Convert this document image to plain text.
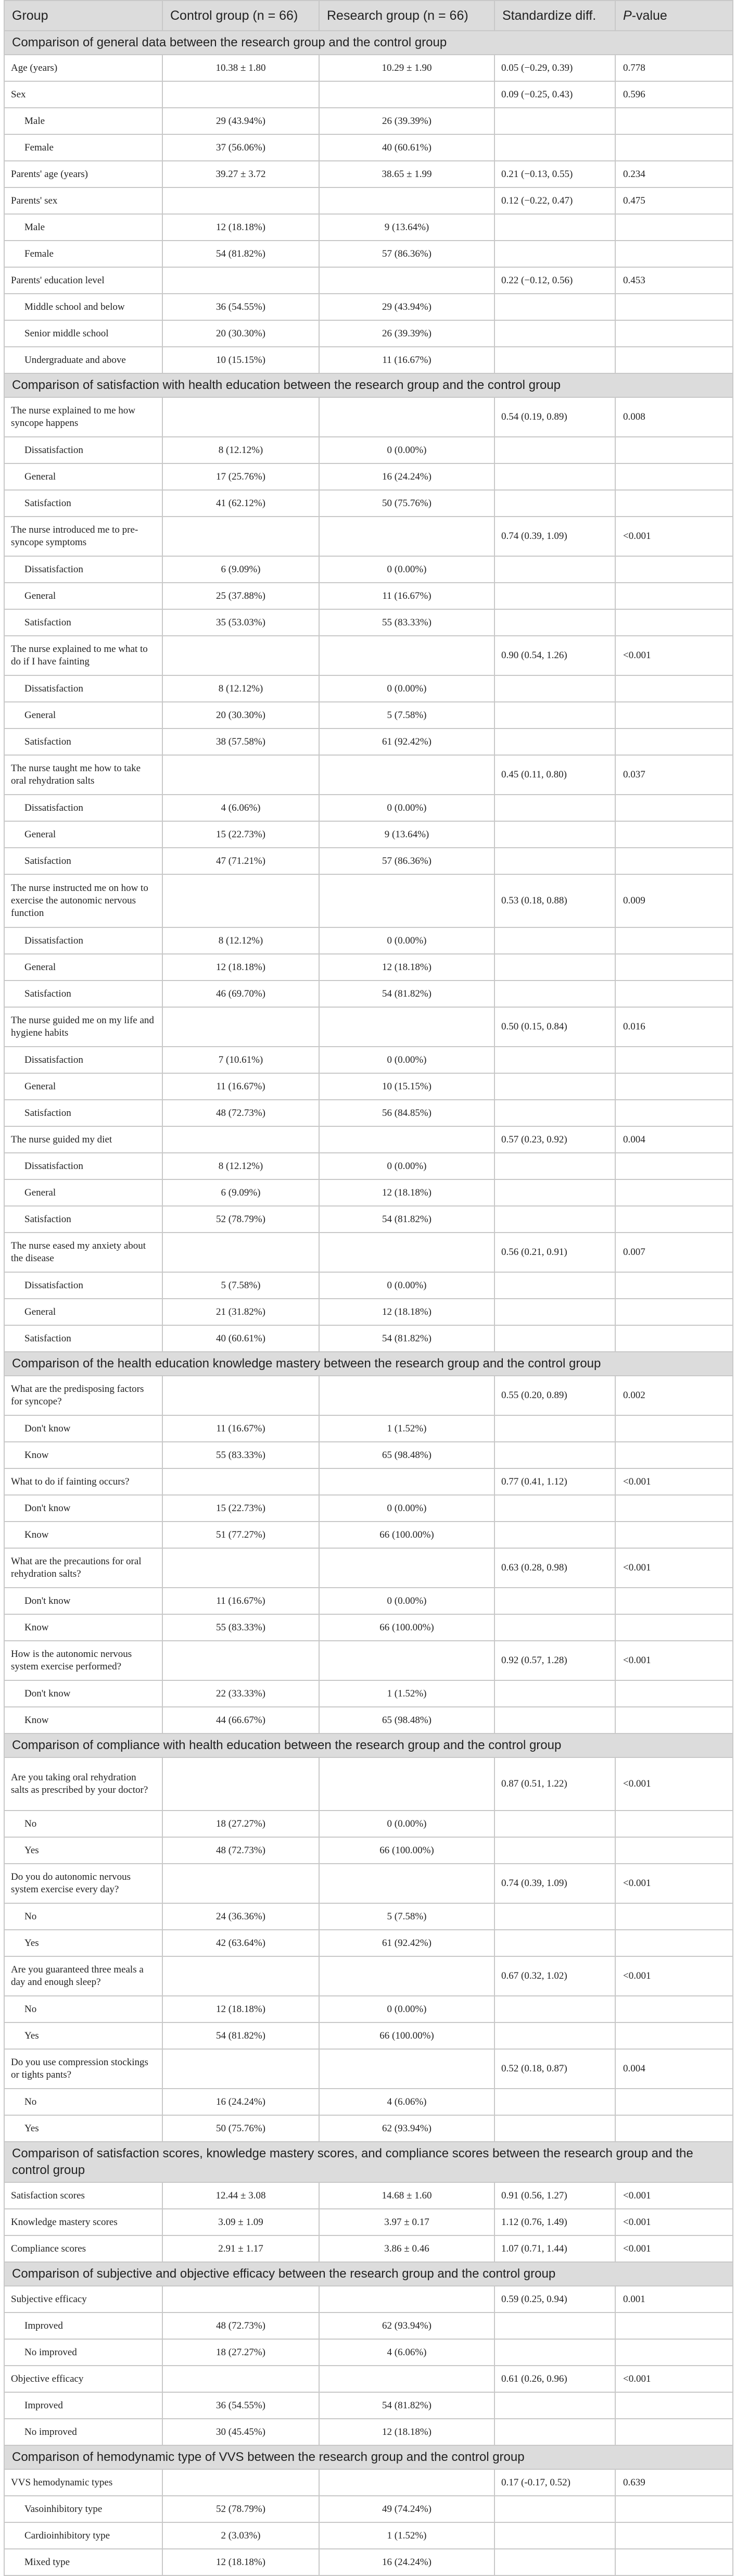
Group	Control group (n = 66)	Research group (n = 66)	Standardize diff.	P-value
Comparison of general data between the research group and the control group				
Age (years)	10.38 ± 1.80	10.29 ± 1.90	0.05 (−0.29, 0.39)	0.778
Sex			0.09 (−0.25, 0.43)	0.596
Male	29 (43.94%)	26 (39.39%)		
Female	37 (56.06%)	40 (60.61%)		
Parents' age (years)	39.27 ± 3.72	38.65 ± 1.99	0.21 (−0.13, 0.55)	0.234
Parents' sex			0.12 (−0.22, 0.47)	0.475
Male	12 (18.18%)	9 (13.64%)		
Female	54 (81.82%)	57 (86.36%)		
Parents' education level			0.22 (−0.12, 0.56)	0.453
Middle school and below	36 (54.55%)	29 (43.94%)		
Senior middle school	20 (30.30%)	26 (39.39%)		
Undergraduate and above	10 (15.15%)	11 (16.67%)		
Comparison of satisfaction with health education between the research group and the control group				
The nurse explained to me how syncope happens			0.54 (0.19, 0.89)	0.008
Dissatisfaction	8 (12.12%)	0 (0.00%)		
General	17 (25.76%)	16 (24.24%)		
Satisfaction	41 (62.12%)	50 (75.76%)		
The nurse introduced me to pre-syncope symptoms			0.74 (0.39, 1.09)	<0.001
Dissatisfaction	6 (9.09%)	0 (0.00%)		
General	25 (37.88%)	11 (16.67%)		
Satisfaction	35 (53.03%)	55 (83.33%)		
The nurse explained to me what to do if I have fainting			0.90 (0.54, 1.26)	<0.001
Dissatisfaction	8 (12.12%)	0 (0.00%)		
General	20 (30.30%)	5 (7.58%)		
Satisfaction	38 (57.58%)	61 (92.42%)		
The nurse taught me how to take oral rehydration salts			0.45 (0.11, 0.80)	0.037
Dissatisfaction	4 (6.06%)	0 (0.00%)		
General	15 (22.73%)	9 (13.64%)		
Satisfaction	47 (71.21%)	57 (86.36%)		
The nurse instructed me on how to exercise the autonomic nervous function			0.53 (0.18, 0.88)	0.009
Dissatisfaction	8 (12.12%)	0 (0.00%)		
General	12 (18.18%)	12 (18.18%)		
Satisfaction	46 (69.70%)	54 (81.82%)		
The nurse guided me on my life and hygiene habits			0.50 (0.15, 0.84)	0.016
Dissatisfaction	7 (10.61%)	0 (0.00%)		
General	11 (16.67%)	10 (15.15%)		
Satisfaction	48 (72.73%)	56 (84.85%)		
The nurse guided my diet			0.57 (0.23, 0.92)	0.004
Dissatisfaction	8 (12.12%)	0 (0.00%)		
General	6 (9.09%)	12 (18.18%)		
Satisfaction	52 (78.79%)	54 (81.82%)		
The nurse eased my anxiety about the disease			0.56 (0.21, 0.91)	0.007
Dissatisfaction	5 (7.58%)	0 (0.00%)		
General	21 (31.82%)	12 (18.18%)		
Satisfaction	40 (60.61%)	54 (81.82%)		
Comparison of the health education knowledge mastery between the research group and the control group				
What are the predisposing factors for syncope?			0.55 (0.20, 0.89)	0.002
Don't know	11 (16.67%)	1 (1.52%)		
Know	55 (83.33%)	65 (98.48%)		
What to do if fainting occurs?			0.77 (0.41, 1.12)	<0.001
Don't know	15 (22.73%)	0 (0.00%)		
Know	51 (77.27%)	66 (100.00%)		
What are the precautions for oral rehydration salts?			0.63 (0.28, 0.98)	<0.001
Don't know	11 (16.67%)	0 (0.00%)		
Know	55 (83.33%)	66 (100.00%)		
How is the autonomic nervous system exercise performed?			0.92 (0.57, 1.28)	<0.001
Don't know	22 (33.33%)	1 (1.52%)		
Know	44 (66.67%)	65 (98.48%)		
Comparison of compliance with health education between the research group and the control group				
Are you taking oral rehydration salts as prescribed by your doctor?			0.87 (0.51, 1.22)	<0.001
No	18 (27.27%)	0 (0.00%)		
Yes	48 (72.73%)	66 (100.00%)		
Do you do autonomic nervous system exercise every day?			0.74 (0.39, 1.09)	<0.001
No	24 (36.36%)	5 (7.58%)		
Yes	42 (63.64%)	61 (92.42%)		
Are you guaranteed three meals a day and enough sleep?			0.67 (0.32, 1.02)	<0.001
No	12 (18.18%)	0 (0.00%)		
Yes	54 (81.82%)	66 (100.00%)		
Do you use compression stockings or tights pants?			0.52 (0.18, 0.87)	0.004
No	16 (24.24%)	4 (6.06%)		
Yes	50 (75.76%)	62 (93.94%)		
Comparison of satisfaction scores, knowledge mastery scores, and compliance scores between the research group and the control group				
Satisfaction scores	12.44 ± 3.08	14.68 ± 1.60	0.91 (0.56, 1.27)	<0.001
Knowledge mastery scores	3.09 ± 1.09	3.97 ± 0.17	1.12 (0.76, 1.49)	<0.001
Compliance scores	2.91 ± 1.17	3.86 ± 0.46	1.07 (0.71, 1.44)	<0.001
Comparison of subjective and objective efficacy between the research group and the control group				
Subjective efficacy			0.59 (0.25, 0.94)	0.001
Improved	48 (72.73%)	62 (93.94%)		
No improved	18 (27.27%)	4 (6.06%)		
Objective efficacy			0.61 (0.26, 0.96)	<0.001
Improved	36 (54.55%)	54 (81.82%)		
No improved	30 (45.45%)	12 (18.18%)		
Comparison of hemodynamic type of VVS between the research group and the control group				
VVS hemodynamic types			0.17 (-0.17, 0.52)	0.639
Vasoinhibitory type	52 (78.79%)	49 (74.24%)		
Cardioinhibitory type	2 (3.03%)	1 (1.52%)		
Mixed type	12 (18.18%)	16 (24.24%)		
